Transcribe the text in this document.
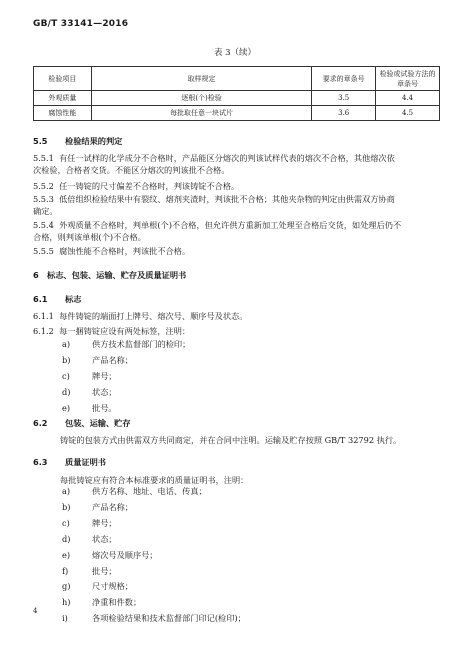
GB/T 33141—2016
表 3（续）
检验项目	取样规定	要求的章条号	检验或试验方法的章条号
外观质量	逐根(个)检验	3.5	4.4
腐蚀性能	每批取任意一块试片	3.6	4.5
5.5 检验结果的判定
5.5.1 有任一试样的化学成分不合格时，产品能区分熔次的判该试样代表的熔次不合格，其他熔次依
次检验，合格者交货。不能区分熔次的判该批不合格。
5.5.2 任一铸锭的尺寸偏差不合格时，判该铸锭不合格。
5.5.3 低倍组织检验结果中有裂纹、熔剂夹渣时，判该批不合格；其他夹杂物的判定由供需双方协商
确定。
5.5.4 外观质量不合格时，判单根(个)不合格，但允许供方重新加工处理至合格后交货，如处理后仍不
合格，则判该单根(个)不合格。
5.5.5 腐蚀性能不合格时，判该批不合格。
6 标志、包装、运输、贮存及质量证明书
6.1 标志
6.1.1 每件铸锭的端面打上牌号、熔次号、顺序号及状态。
6.1.2 每一捆铸锭应设有两处标签，注明：
a)	供方技术监督部门的检印；
b)	产品名称；
c)	牌号；
d)	状态；
e)	批号。
6.2 包装、运输、贮存
铸锭的包装方式由供需双方共同商定，并在合同中注明。运输及贮存按照 GB/T 32792 执行。
6.3 质量证明书
每批铸锭应有符合本标准要求的质量证明书，注明：
a)	供方名称、地址、电话、传真；
b)	产品名称；
c)	牌号；
d)	状态；
e)	熔次号及顺序号；
f)	批号；
g)	尺寸规格；
h)	净重和件数；
i)	各项检验结果和技术监督部门印记(检印)；
4
